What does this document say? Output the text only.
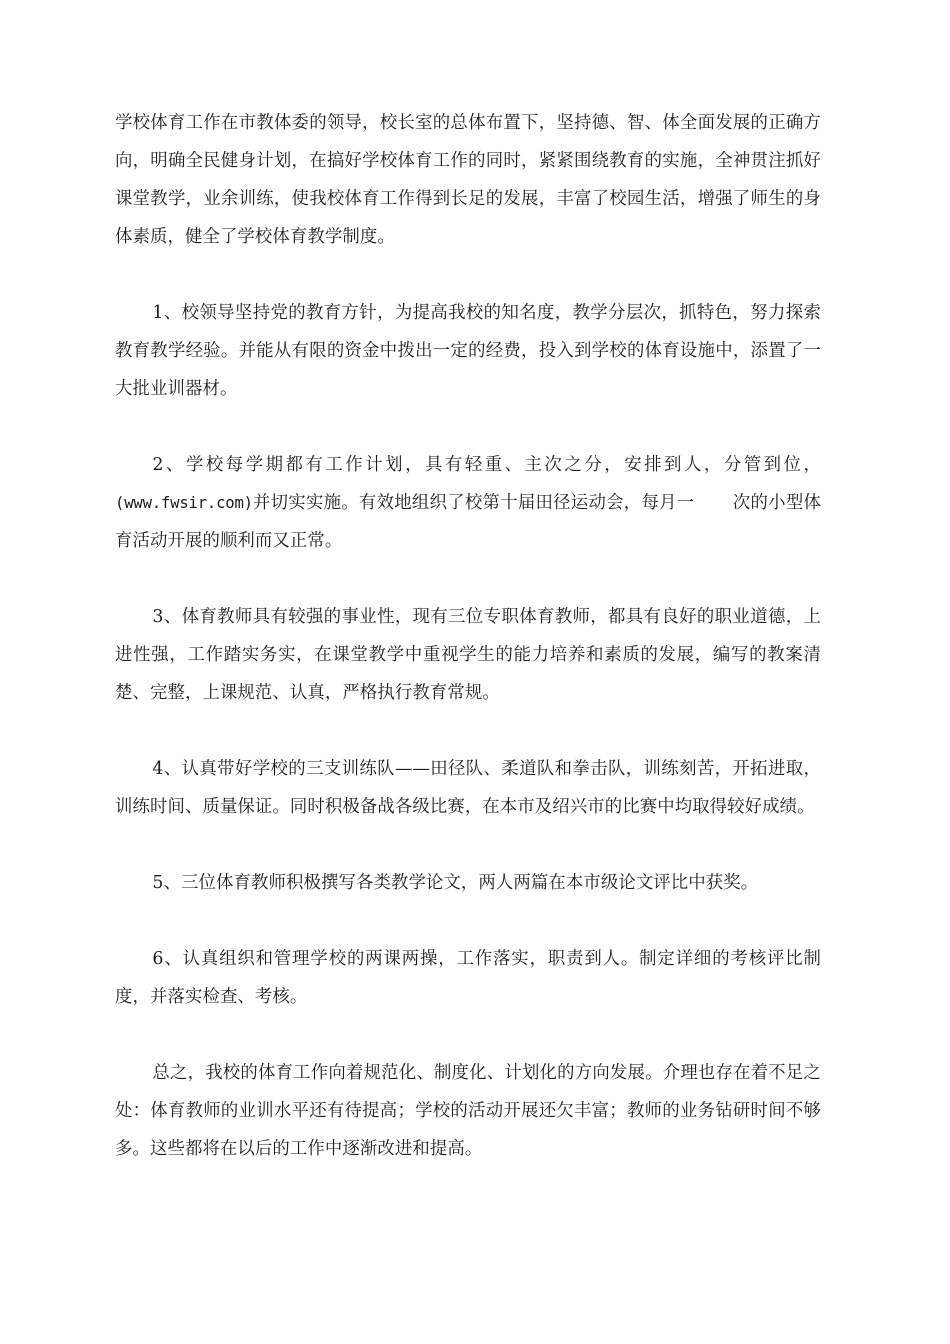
学校体育工作在市教体委的领导，校长室的总体布置下，坚持德、智、体全面发展的正确方向，明确全民健身计划，在搞好学校体育工作的同时，紧紧围绕教育的实施，全神贯注抓好课堂教学，业余训练，使我校体育工作得到长足的发展，丰富了校园生活，增强了师生的身体素质，健全了学校体育教学制度。

1、校领导坚持党的教育方针，为提高我校的知名度，教学分层次，抓特色，努力探索教育教学经验。并能从有限的资金中拨出一定的经费，投入到学校的体育设施中，添置了一大批业训器材。

2、学校每学期都有工作计划，具有轻重、主次之分，安排到人，分管到位，(www.fwsir.com)并切实实施。有效地组织了校第十届田径运动会，每月一 次的小型体育活动开展的顺利而又正常。

3、体育教师具有较强的事业性，现有三位专职体育教师，都具有良好的职业道德，上进性强，工作踏实务实，在课堂教学中重视学生的能力培养和素质的发展，编写的教案清楚、完整，上课规范、认真，严格执行教育常规。

4、认真带好学校的三支训练队——田径队、柔道队和拳击队，训练刻苦，开拓进取，训练时间、质量保证。同时积极备战各级比赛，在本市及绍兴市的比赛中均取得较好成绩。

5、三位体育教师积极撰写各类教学论文，两人两篇在本市级论文评比中获奖。

6、认真组织和管理学校的两课两操，工作落实，职责到人。制定详细的考核评比制度，并落实检查、考核。

总之，我校的体育工作向着规范化、制度化、计划化的方向发展。介理也存在着不足之处：体育教师的业训水平还有待提高；学校的活动开展还欠丰富；教师的业务钻研时间不够多。这些都将在以后的工作中逐渐改进和提高。
